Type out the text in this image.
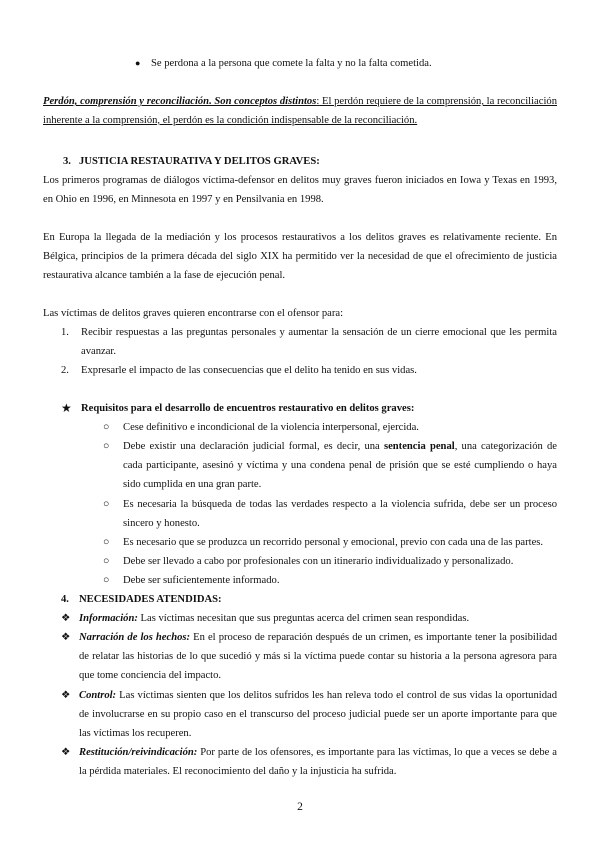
● Se perdona a la persona que comete la falta y no la falta cometida.
Perdón, comprensión y reconciliación. Son conceptos distintos: El perdón requiere de la comprensión, la reconciliación inherente a la comprensión, el perdón es la condición indispensable de la reconciliación.
3. JUSTICIA RESTAURATIVA Y DELITOS GRAVES:
Los primeros programas de diálogos víctima-defensor en delitos muy graves fueron iniciados en Iowa y Texas en 1993, en Ohio en 1996, en Minnesota en 1997 y en Pensilvania en 1998.
En Europa la llegada de la mediación y los procesos restaurativos a los delitos graves es relativamente reciente. En Bélgica, principios de la primera década del siglo XIX ha permitido ver la necesidad de que el ofrecimiento de justicia restaurativa alcance también a la fase de ejecución penal.
Las víctimas de delitos graves quieren encontrarse con el ofensor para:
1. Recibir respuestas a las preguntas personales y aumentar la sensación de un cierre emocional que les permita avanzar.
2. Expresarle el impacto de las consecuencias que el delito ha tenido en sus vidas.
★ Requisitos para el desarrollo de encuentros restaurativo en delitos graves:
○ Cese definitivo e incondicional de la violencia interpersonal, ejercida.
○ Debe existir una declaración judicial formal, es decir, una sentencia penal, una categorización de cada participante, asesinó y víctima y una condena penal de prisión que se esté cumpliendo o haya sido cumplida en una gran parte.
○ Es necesaria la búsqueda de todas las verdades respecto a la violencia sufrida, debe ser un proceso sincero y honesto.
○ Es necesario que se produzca un recorrido personal y emocional, previo con cada una de las partes.
○ Debe ser llevado a cabo por profesionales con un itinerario individualizado y personalizado.
○ Debe ser suficientemente informado.
4. NECESIDADES ATENDIDAS:
❖ Información: Las víctimas necesitan que sus preguntas acerca del crimen sean respondidas.
❖ Narración de los hechos: En el proceso de reparación después de un crimen, es importante tener la posibilidad de relatar las historias de lo que sucedió y más si la víctima puede contar su historia a la persona agresora para que tome conciencia del impacto.
❖ Control: Las víctimas sienten que los delitos sufridos les han releva todo el control de sus vidas la oportunidad de involucrarse en su propio caso en el transcurso del proceso judicial puede ser un aporte importante para que las víctimas los recuperen.
❖ Restitución/reivindicación: Por parte de los ofensores, es importante para las víctimas, lo que a veces se debe a la pérdida materiales. El reconocimiento del daño y la injusticia ha sufrida.
2
